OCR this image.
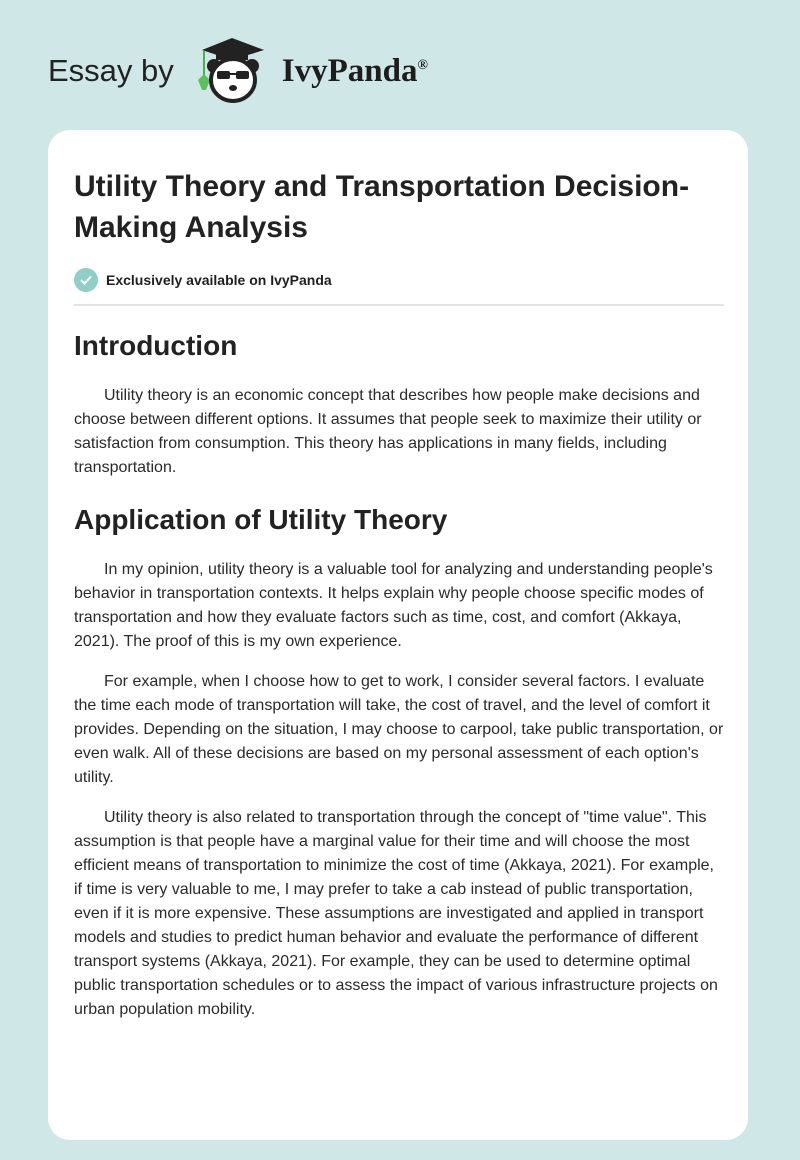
Essay by	IvyPanda®
Utility Theory and Transportation Decision-Making Analysis
Exclusively available on IvyPanda
Introduction

Utility theory is an economic concept that describes how people make decisions and choose between different options. It assumes that people seek to maximize their utility or satisfaction from consumption. This theory has applications in many fields, including transportation.

Application of Utility Theory

In my opinion, utility theory is a valuable tool for analyzing and understanding people's behavior in transportation contexts. It helps explain why people choose specific modes of transportation and how they evaluate factors such as time, cost, and comfort (Akkaya, 2021). The proof of this is my own experience.

For example, when I choose how to get to work, I consider several factors. I evaluate the time each mode of transportation will take, the cost of travel, and the level of comfort it provides. Depending on the situation, I may choose to carpool, take public transportation, or even walk. All of these decisions are based on my personal assessment of each option's utility.

Utility theory is also related to transportation through the concept of "time value". This assumption is that people have a marginal value for their time and will choose the most efficient means of transportation to minimize the cost of time (Akkaya, 2021). For example, if time is very valuable to me, I may prefer to take a cab instead of public transportation, even if it is more expensive. These assumptions are investigated and applied in transport models and studies to predict human behavior and evaluate the performance of different transport systems (Akkaya, 2021). For example, they can be used to determine optimal public transportation schedules or to assess the impact of various infrastructure projects on urban population mobility.
